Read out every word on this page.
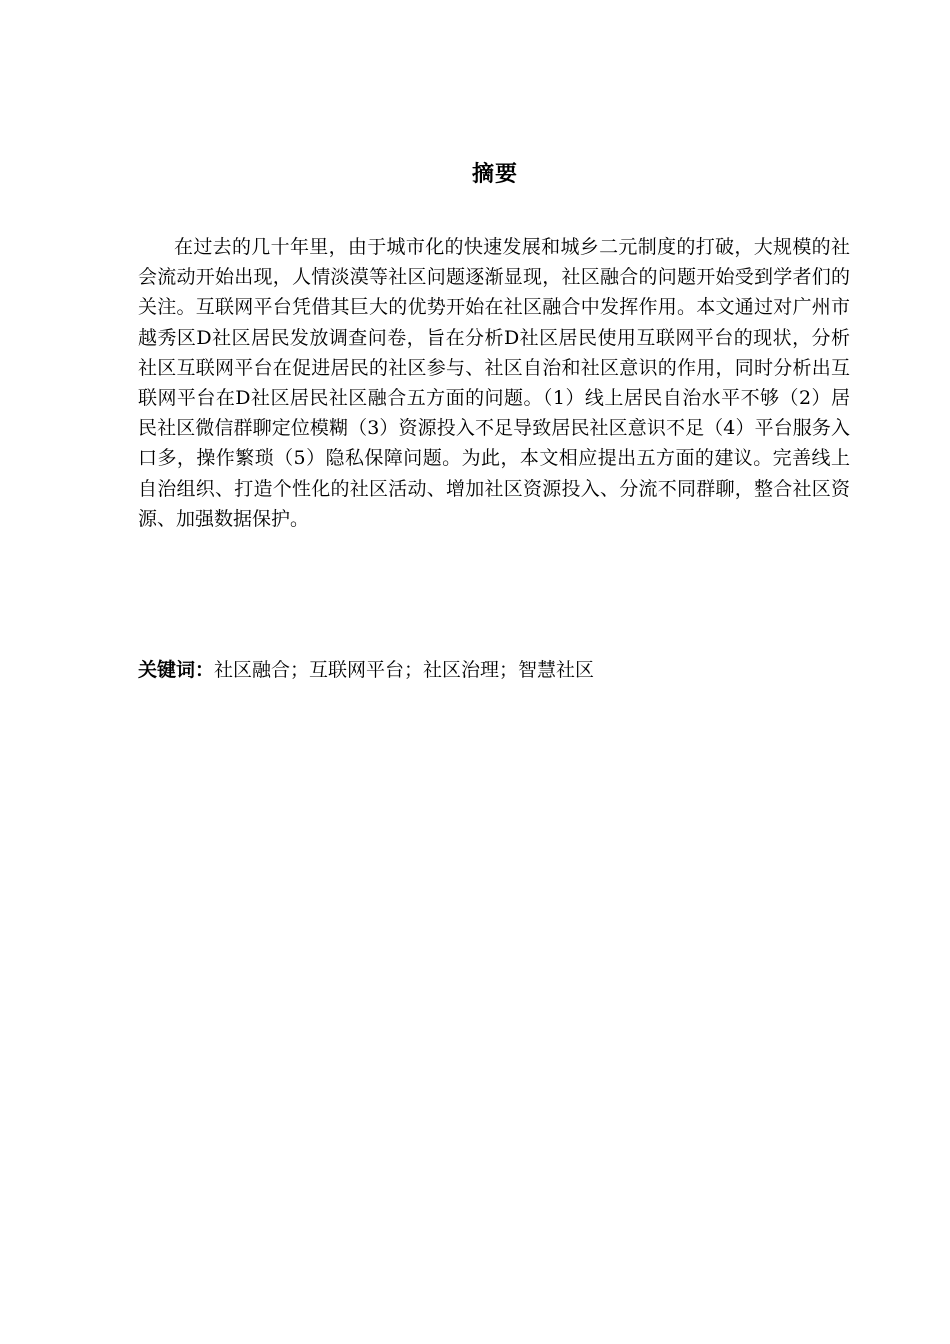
摘要

在过去的几十年里，由于城市化的快速发展和城乡二元制度的打破，大规模的社会流动开始出现，人情淡漠等社区问题逐渐显现，社区融合的问题开始受到学者们的关注。互联网平台凭借其巨大的优势开始在社区融合中发挥作用。本文通过对广州市越秀区D社区居民发放调查问卷，旨在分析D社区居民使用互联网平台的现状，分析社区互联网平台在促进居民的社区参与、社区自治和社区意识的作用，同时分析出互联网平台在D社区居民社区融合五方面的问题。（1）线上居民自治水平不够（2）居民社区微信群聊定位模糊（3）资源投入不足导致居民社区意识不足（4）平台服务入口多，操作繁琐（5）隐私保障问题。为此，本文相应提出五方面的建议。完善线上自治组织、打造个性化的社区活动、增加社区资源投入、分流不同群聊，整合社区资源、加强数据保护。

关键词：社区融合；互联网平台；社区治理；智慧社区
